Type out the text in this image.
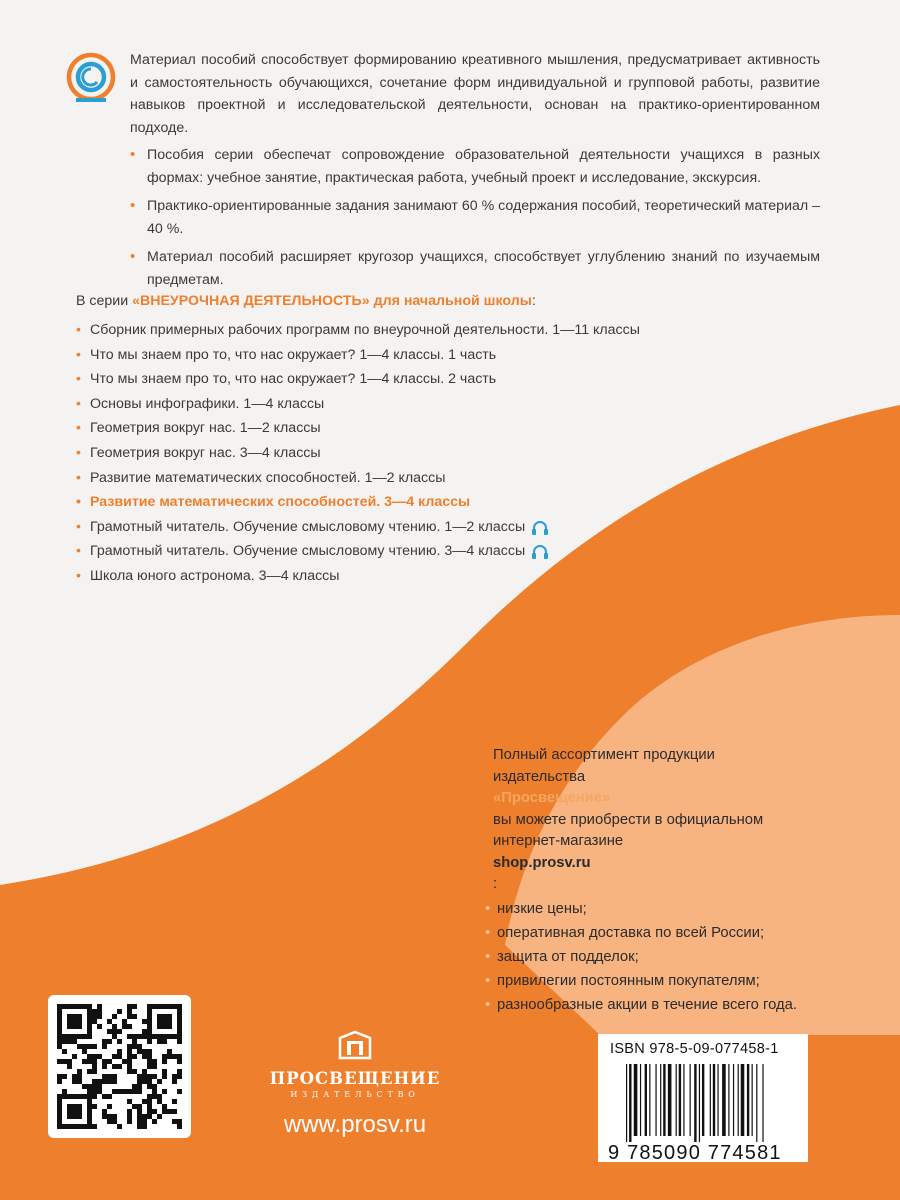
Материал пособий способствует формированию креативного мышления, предусматривает активность и самостоятельность обучающихся, сочетание форм индивидуальной и групповой работы, развитие навыков проектной и исследовательской деятельности, основан на практико-ориентированном подходе.

• Пособия серии обеспечат сопровождение образовательной деятельности учащихся в разных формах: учебное занятие, практическая работа, учебный проект и исследование, экскурсия.
• Практико-ориентированные задания занимают 60 % содержания пособий, теоретический материал – 40 %.
• Материал пособий расширяет кругозор учащихся, способствует углублению знаний по изучаемым предметам.
В серии «ВНЕУРОЧНАЯ ДЕЯТЕЛЬНОСТЬ» для начальной школы:
• Сборник примерных рабочих программ по внеурочной деятельности. 1—11 классы
• Что мы знаем про то, что нас окружает? 1—4 классы. 1 часть
• Что мы знаем про то, что нас окружает? 1—4 классы. 2 часть
• Основы инфографики. 1—4 классы
• Геометрия вокруг нас. 1—2 классы
• Геометрия вокруг нас. 3—4 классы
• Развитие математических способностей. 1—2 классы
• Развитие математических способностей. 3—4 классы
• Грамотный читатель. Обучение смысловому чтению. 1—2 классы
• Грамотный читатель. Обучение смысловому чтению. 3—4 классы
• Школа юного астронома. 3—4 классы
Полный ассортимент продукции
издательства
«Просвещение»
вы можете приобрести в официальном
интернет-магазине
shop.prosv.ru
:
• низкие цены;
• оперативная доставка по всей России;
• защита от подделок;
• привилегии постоянным покупателям;
• разнообразные акции в течение всего года.
ПРОСВЕЩЕНИЕ
ИЗДАТЕЛЬСТВО
www.prosv.ru
ISBN 978-5-09-077458-1
9 785090 774581
